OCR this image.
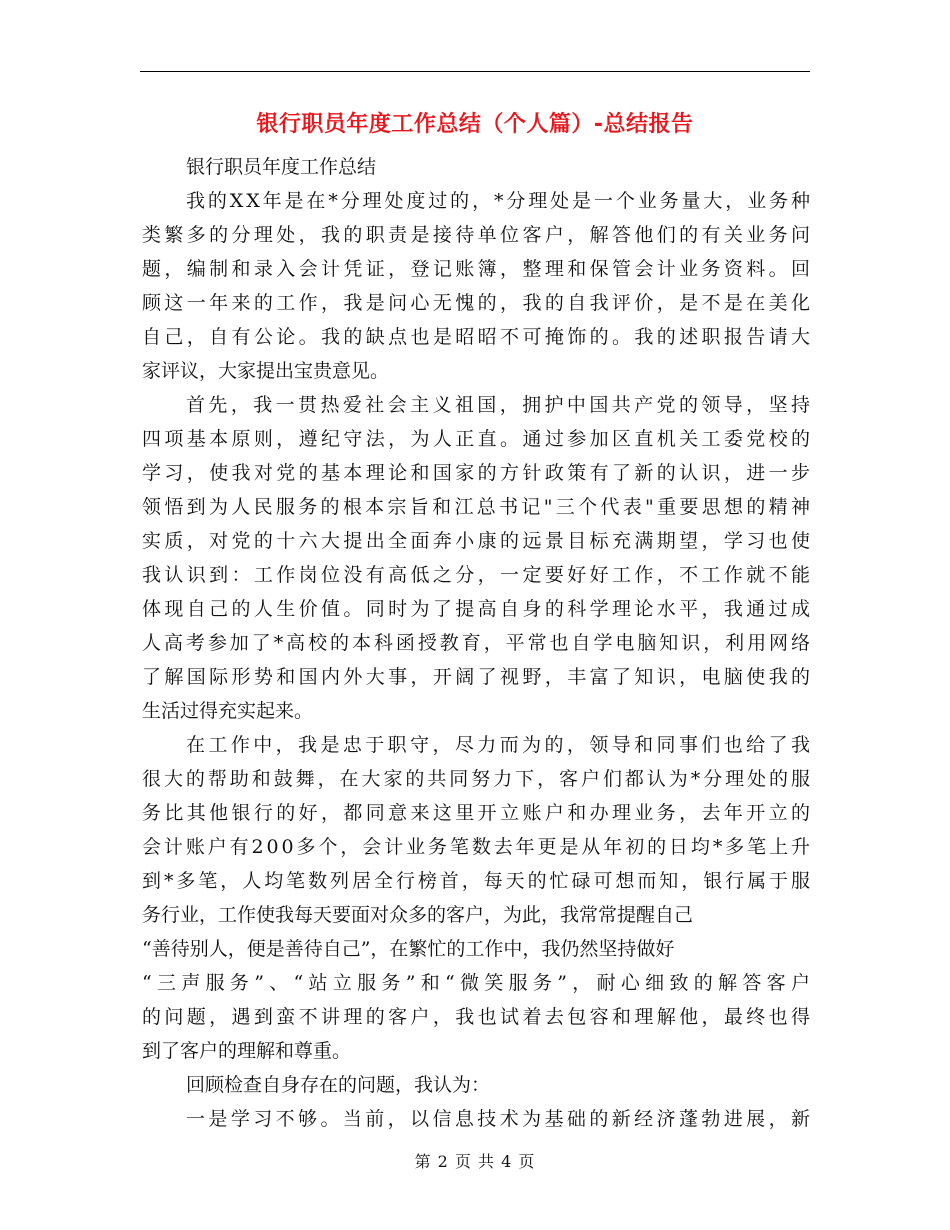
银行职员年度工作总结（个人篇）-总结报告
银行职员年度工作总结
我的XX年是在*分理处度过的，*分理处是一个业务量大，业务种
类繁多的分理处，我的职责是接待单位客户，解答他们的有关业务问
题，编制和录入会计凭证，登记账簿，整理和保管会计业务资料。回
顾这一年来的工作，我是问心无愧的，我的自我评价，是不是在美化
自己，自有公论。我的缺点也是昭昭不可掩饰的。我的述职报告请大
家评议，大家提出宝贵意见。
首先，我一贯热爱社会主义祖国，拥护中国共产党的领导，坚持
四项基本原则，遵纪守法，为人正直。通过参加区直机关工委党校的
学习，使我对党的基本理论和国家的方针政策有了新的认识，进一步
领悟到为人民服务的根本宗旨和江总书记"三个代表"重要思想的精神
实质，对党的十六大提出全面奔小康的远景目标充满期望，学习也使
我认识到：工作岗位没有高低之分，一定要好好工作，不工作就不能
体现自己的人生价值。同时为了提高自身的科学理论水平，我通过成
人高考参加了*高校的本科函授教育，平常也自学电脑知识，利用网络
了解国际形势和国内外大事，开阔了视野，丰富了知识，电脑使我的
生活过得充实起来。
在工作中，我是忠于职守，尽力而为的，领导和同事们也给了我
很大的帮助和鼓舞，在大家的共同努力下，客户们都认为*分理处的服
务比其他银行的好，都同意来这里开立账户和办理业务，去年开立的
会计账户有200多个，会计业务笔数去年更是从年初的日均*多笔上升
到*多笔，人均笔数列居全行榜首，每天的忙碌可想而知，银行属于服
务行业，工作使我每天要面对众多的客户，为此，我常常提醒自己
“善待别人，便是善待自己”，在繁忙的工作中，我仍然坚持做好
“三声服务”、“站立服务”和“微笑服务”，耐心细致的解答客户
的问题，遇到蛮不讲理的客户，我也试着去包容和理解他，最终也得
到了客户的理解和尊重。
回顾检查自身存在的问题，我认为：
一是学习不够。当前，以信息技术为基础的新经济蓬勃进展，新
第 2 页 共 4 页
